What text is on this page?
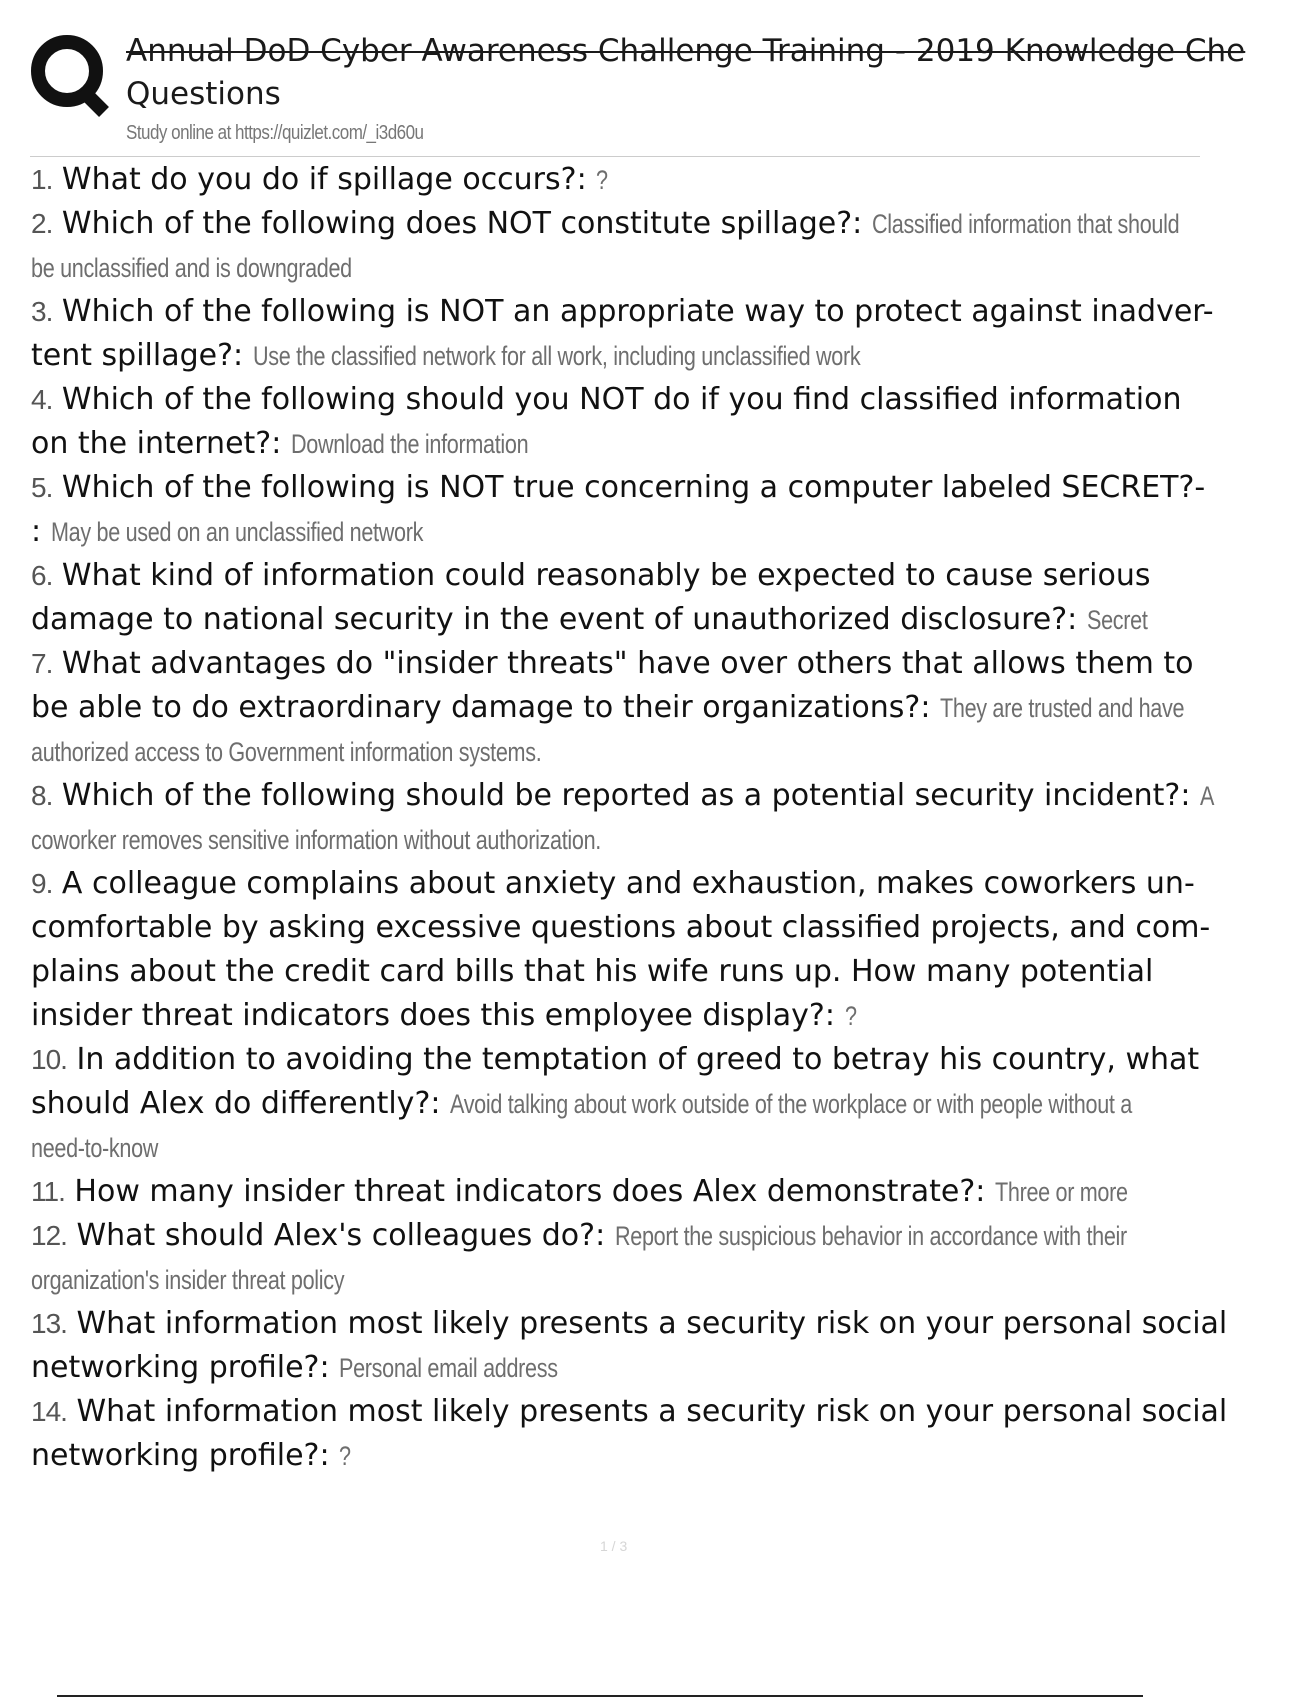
Annual DoD Cyber Awareness Challenge Training - 2019 Knowledge Che
Questions
Study online at https://quizlet.com/_i3d60u
1. What do you do if spillage occurs?: ?
2. Which of the following does NOT constitute spillage?: Classified information that should
be unclassified and is downgraded
3. Which of the following is NOT an appropriate way to protect against inadver-
tent spillage?: Use the classified network for all work, including unclassified work
4. Which of the following should you NOT do if you find classified information
on the internet?: Download the information
5. Which of the following is NOT true concerning a computer labeled SECRET?-
: May be used on an unclassified network
6. What kind of information could reasonably be expected to cause serious
damage to national security in the event of unauthorized disclosure?: Secret
7. What advantages do "insider threats" have over others that allows them to
be able to do extraordinary damage to their organizations?: They are trusted and have
authorized access to Government information systems.
8. Which of the following should be reported as a potential security incident?: A
coworker removes sensitive information without authorization.
9. A colleague complains about anxiety and exhaustion, makes coworkers un-
comfortable by asking excessive questions about classified projects, and com-
plains about the credit card bills that his wife runs up. How many potential
insider threat indicators does this employee display?: ?
10. In addition to avoiding the temptation of greed to betray his country, what
should Alex do differently?: Avoid talking about work outside of the workplace or with people without a
need-to-know
11. How many insider threat indicators does Alex demonstrate?: Three or more
12. What should Alex's colleagues do?: Report the suspicious behavior in accordance with their
organization's insider threat policy
13. What information most likely presents a security risk on your personal social
networking profile?: Personal email address
14. What information most likely presents a security risk on your personal social
networking profile?: ?
1 / 3
